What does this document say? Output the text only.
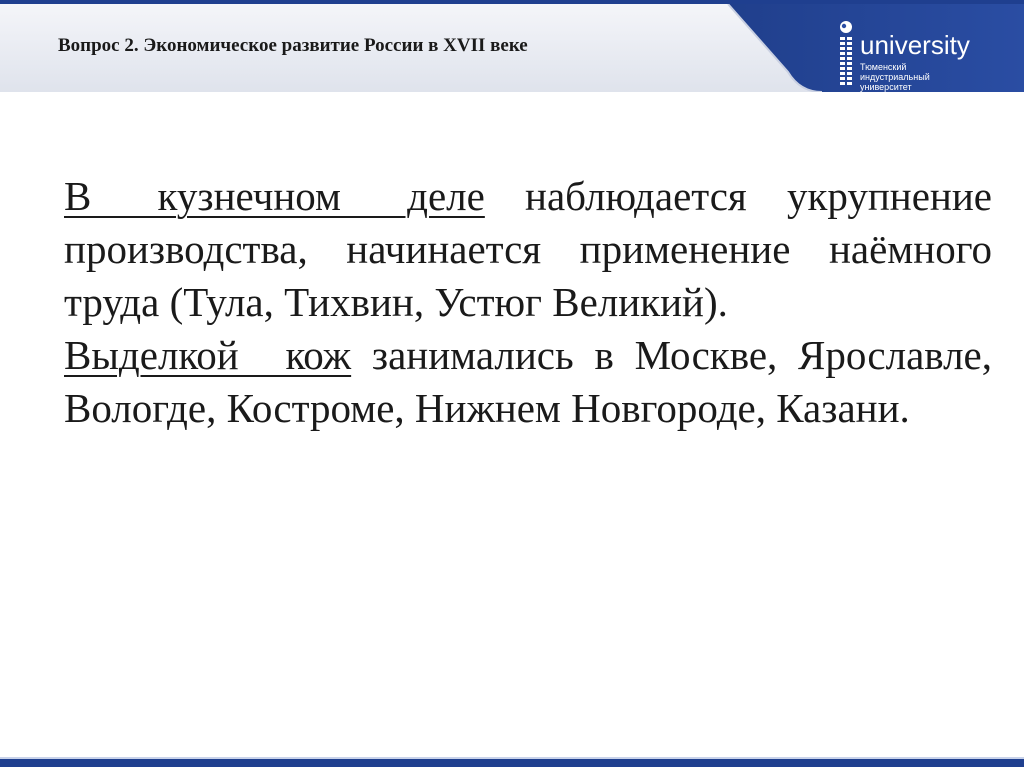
Вопрос 2. Экономическое развитие России в XVII веке	university
Тюменский
индустриальный
университет

В кузнечном деле наблюдается укрупнение производства, начинается применение наёмного труда (Тула, Тихвин, Устюг Великий).

Выделкой кож занимались в Москве, Ярославле, Вологде, Костроме, Нижнем Новгороде, Казани.
